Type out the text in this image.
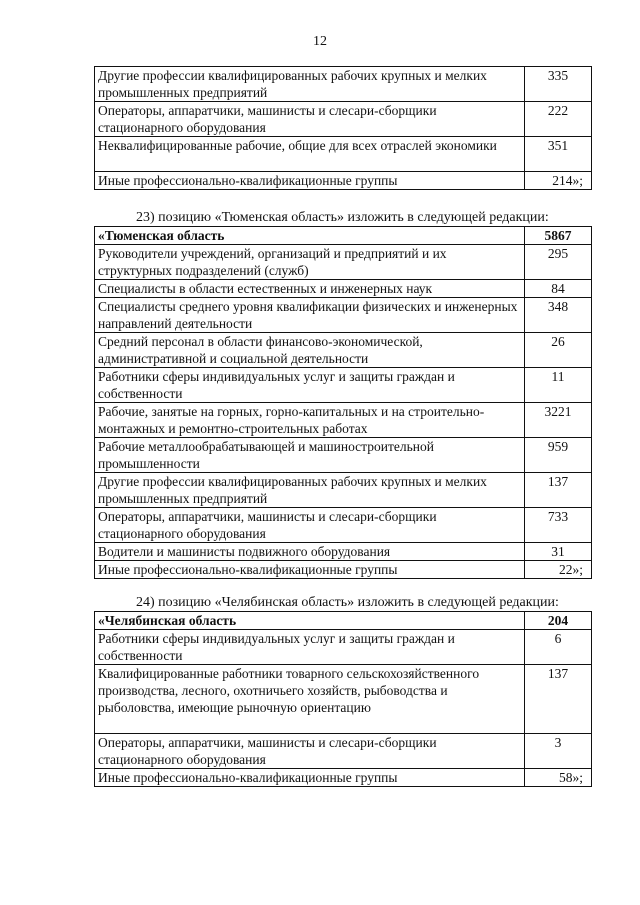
12
Другие профессии квалифицированных рабочих крупных и мелких промышленных предприятий	335
Операторы, аппаратчики, машинисты и слесари-сборщики стационарного оборудования	222
Неквалифицированные рабочие, общие для всех отраслей экономики	351
Иные профессионально-квалификационные группы	214»;
23) позицию «Тюменская область» изложить в следующей редакции:
«Тюменская область	5867
Руководители учреждений, организаций и предприятий и их структурных подразделений (служб)	295
Специалисты в области естественных и инженерных наук	84
Специалисты среднего уровня квалификации физических и инженерных направлений деятельности	348
Средний персонал в области финансово-экономической, административной и социальной деятельности	26
Работники сферы индивидуальных услуг и защиты граждан и собственности	11
Рабочие, занятые на горных, горно-капитальных и на строительно-монтажных и ремонтно-строительных работах	3221
Рабочие металлообрабатывающей и машиностроительной промышленности	959
Другие профессии квалифицированных рабочих крупных и мелких промышленных предприятий	137
Операторы, аппаратчики, машинисты и слесари-сборщики стационарного оборудования	733
Водители и машинисты подвижного оборудования	31
Иные профессионально-квалификационные группы	22»;
24) позицию «Челябинская область» изложить в следующей редакции:
«Челябинская область	204
Работники сферы индивидуальных услуг и защиты граждан и собственности	6
Квалифицированные работники товарного сельскохозяйственного производства, лесного, охотничьего хозяйств, рыбоводства и рыболовства, имеющие рыночную ориентацию	137
Операторы, аппаратчики, машинисты и слесари-сборщики стационарного оборудования	3
Иные профессионально-квалификационные группы	58»;
